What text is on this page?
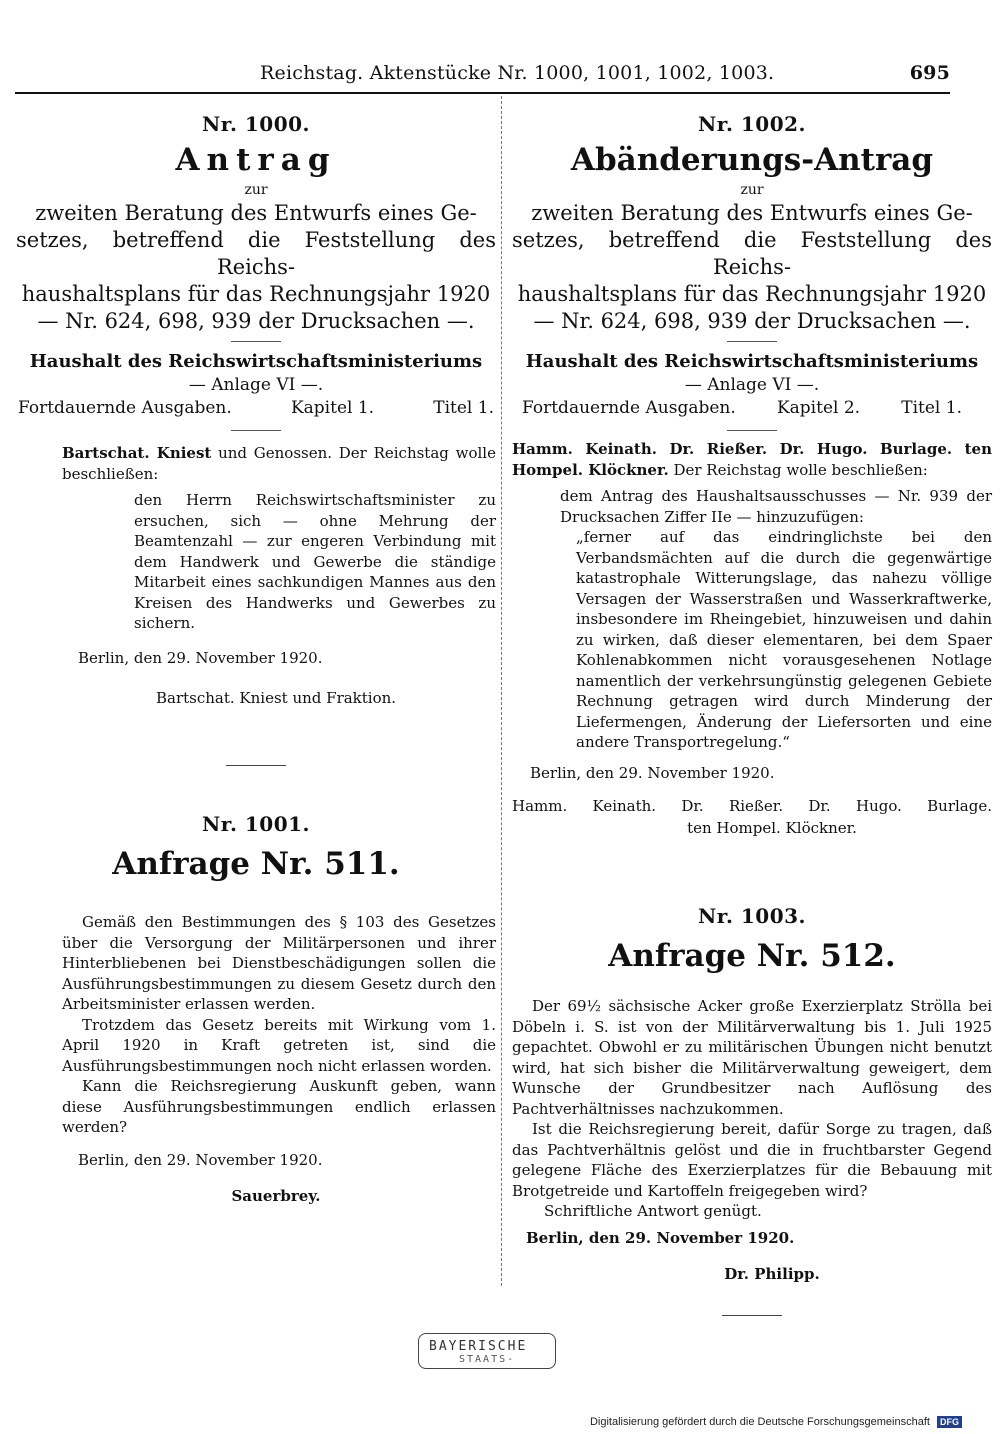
Reichstag. Aktenstücke Nr. 1000, 1001, 1002, 1003.	695
Nr. 1000.
Antrag
zur
zweiten Beratung des Entwurfs eines Ge-
setzes, betreffend die Feststellung des Reichs-
haushaltsplans für das Rechnungsjahr 1920
— Nr. 624, 698, 939 der Drucksachen —.
Haushalt des Reichswirtschaftsministeriums
— Anlage VI —.
Fortdauernde Ausgaben.	Kapitel 1.	Titel 1.
Bartschat. Kniest und Genossen. Der Reichstag wolle beschließen:
den Herrn Reichswirtschaftsminister zu ersuchen, sich — ohne Mehrung der Beamtenzahl — zur engeren Verbindung mit dem Handwerk und Gewerbe die ständige Mitarbeit eines sachkundigen Mannes aus den Kreisen des Handwerks und Gewerbes zu sichern.
Berlin, den 29. November 1920.
Bartschat. Kniest und Fraktion.
Nr. 1001.
Anfrage Nr. 511.
Gemäß den Bestimmungen des § 103 des Gesetzes über die Versorgung der Militärpersonen und ihrer Hinterbliebenen bei Dienstbeschädigungen sollen die Ausführungsbestimmungen zu diesem Gesetz durch den Arbeitsminister erlassen werden.
Trotzdem das Gesetz bereits mit Wirkung vom 1. April 1920 in Kraft getreten ist, sind die Ausführungsbestimmungen noch nicht erlassen worden.
Kann die Reichsregierung Auskunft geben, wann diese Ausführungsbestimmungen endlich erlassen werden?
Berlin, den 29. November 1920.
Sauerbrey.
Nr. 1002.
Abänderungs-Antrag
zur
zweiten Beratung des Entwurfs eines Ge-
setzes, betreffend die Feststellung des Reichs-
haushaltsplans für das Rechnungsjahr 1920
— Nr. 624, 698, 939 der Drucksachen —.
Haushalt des Reichswirtschaftsministeriums
— Anlage VI —.
Fortdauernde Ausgaben. Kapitel 2. Titel 1.
Hamm. Keinath. Dr. Rießer. Dr. Hugo. Burlage. ten Hompel. Klöckner. Der Reichstag wolle beschließen:
dem Antrag des Haushaltsausschusses — Nr. 939 der Drucksachen Ziffer IIe — hinzuzufügen:
„ferner auf das eindringlichste bei den Verbandsmächten auf die durch die gegenwärtige katastrophale Witterungslage, das nahezu völlige Versagen der Wasserstraßen und Wasserkraftwerke, insbesondere im Rheingebiet, hinzuweisen und dahin zu wirken, daß dieser elementaren, bei dem Spaer Kohlenabkommen nicht vorausgesehenen Notlage namentlich der verkehrsungünstig gelegenen Gebiete Rechnung getragen wird durch Minderung der Liefermengen, Änderung der Liefersorten und eine andere Transportregelung.“
Berlin, den 29. November 1920.
Hamm. Keinath. Dr. Rießer. Dr. Hugo. Burlage.
ten Hompel. Klöckner.
Nr. 1003.
Anfrage Nr. 512.
Der 69½ sächsische Acker große Exerzierplatz Strölla bei Döbeln i. S. ist von der Militärverwaltung bis 1. Juli 1925 gepachtet. Obwohl er zu militärischen Übungen nicht benutzt wird, hat sich bisher die Militärverwaltung geweigert, dem Wunsche der Grundbesitzer nach Auflösung des Pachtverhältnisses nachzukommen.
Ist die Reichsregierung bereit, dafür Sorge zu tragen, daß das Pachtverhältnis gelöst und die in fruchtbarster Gegend gelegene Fläche des Exerzierplatzes für die Bebauung mit Brotgetreide und Kartoffeln freigegeben wird?
Schriftliche Antwort genügt.
Berlin, den 29. November 1920.
Dr. Philipp.
BAYERISCHE
STAATS-
Digitalisierung gefördert durch die Deutsche Forschungsgemeinschaft DFG
